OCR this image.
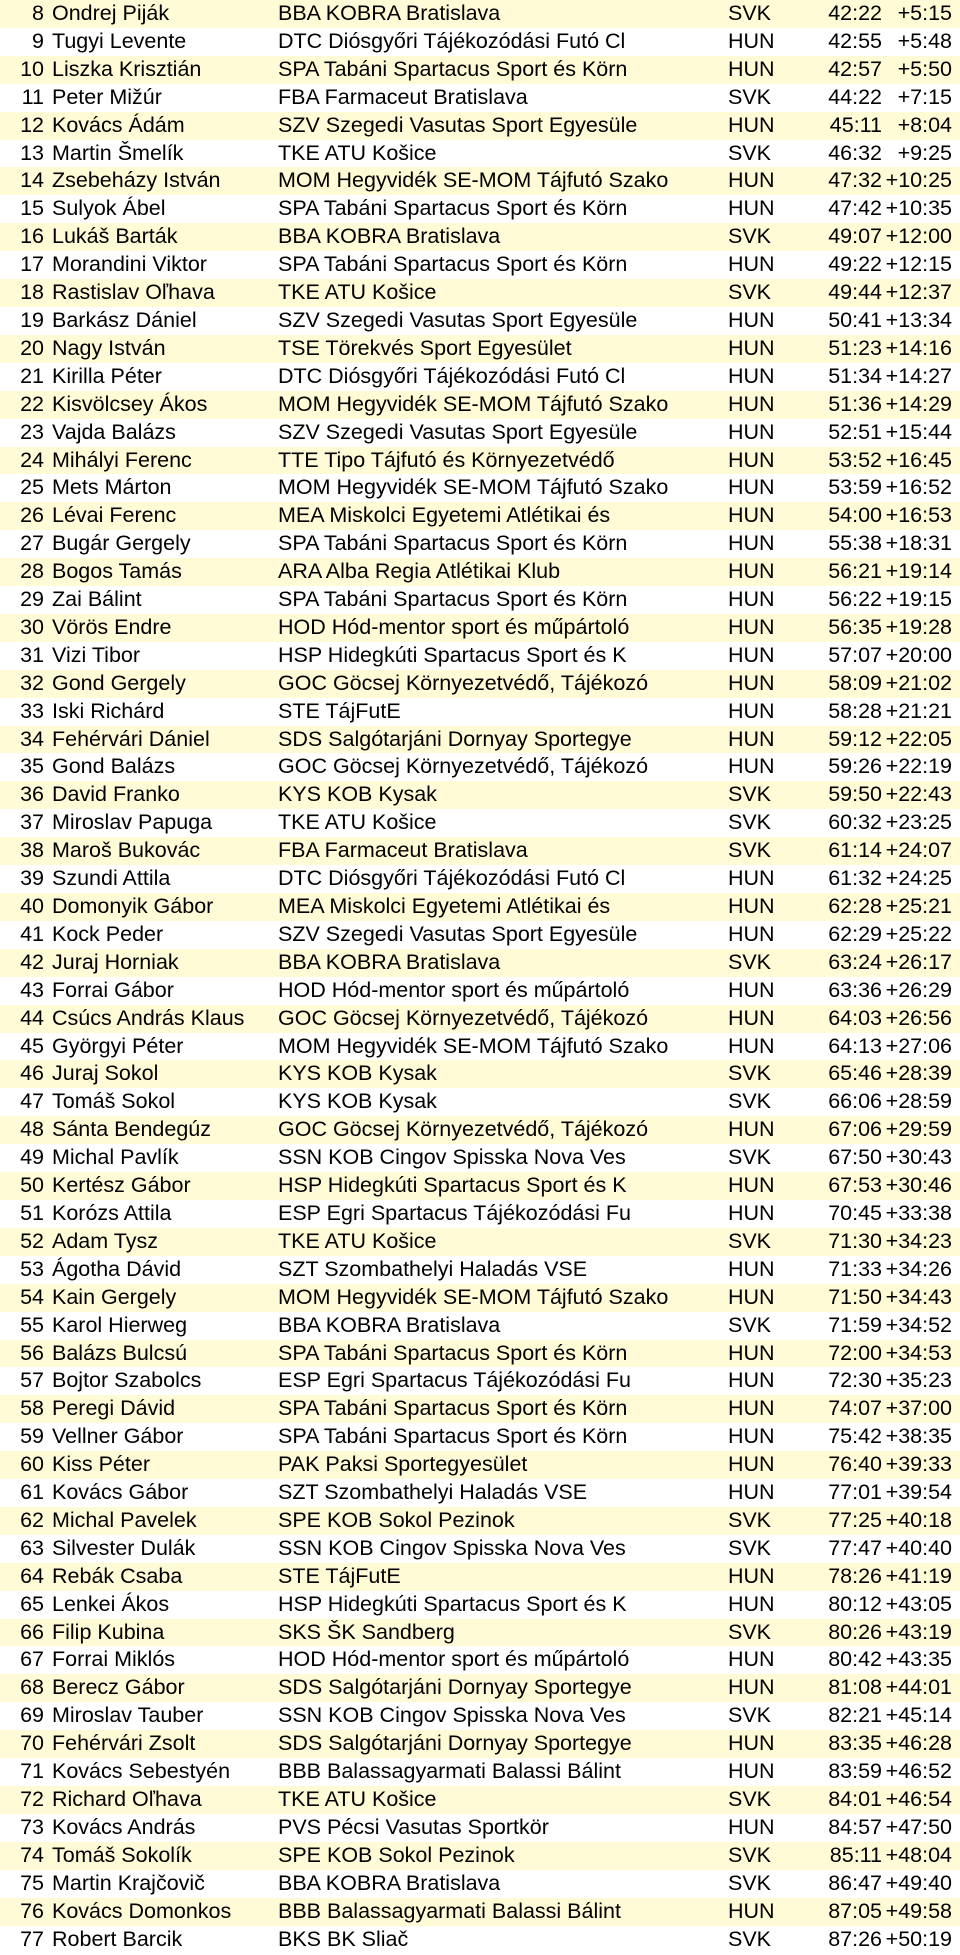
8	Ondrej Piják	BBA KOBRA Bratislava	SVK	42:22	+5:15
9	Tugyi Levente	DTC Diósgyőri Tájékozódási Futó Cl	HUN	42:55	+5:48
10	Liszka Krisztián	SPA Tabáni Spartacus Sport és Körn	HUN	42:57	+5:50
11	Peter Mižúr	FBA Farmaceut Bratislava	SVK	44:22	+7:15
12	Kovács Ádám	SZV Szegedi Vasutas Sport Egyesüle	HUN	45:11	+8:04
13	Martin Šmelík	TKE ATU Košice	SVK	46:32	+9:25
14	Zsebeházy István	MOM Hegyvidék SE-MOM Tájfutó Szako	HUN	47:32	+10:25
15	Sulyok Ábel	SPA Tabáni Spartacus Sport és Körn	HUN	47:42	+10:35
16	Lukáš Barták	BBA KOBRA Bratislava	SVK	49:07	+12:00
17	Morandini Viktor	SPA Tabáni Spartacus Sport és Körn	HUN	49:22	+12:15
18	Rastislav Oľhava	TKE ATU Košice	SVK	49:44	+12:37
19	Barkász Dániel	SZV Szegedi Vasutas Sport Egyesüle	HUN	50:41	+13:34
20	Nagy István	TSE Törekvés Sport Egyesület	HUN	51:23	+14:16
21	Kirilla Péter	DTC Diósgyőri Tájékozódási Futó Cl	HUN	51:34	+14:27
22	Kisvölcsey Ákos	MOM Hegyvidék SE-MOM Tájfutó Szako	HUN	51:36	+14:29
23	Vajda Balázs	SZV Szegedi Vasutas Sport Egyesüle	HUN	52:51	+15:44
24	Mihályi Ferenc	TTE Tipo Tájfutó és Környezetvédő	HUN	53:52	+16:45
25	Mets Márton	MOM Hegyvidék SE-MOM Tájfutó Szako	HUN	53:59	+16:52
26	Lévai Ferenc	MEA Miskolci Egyetemi Atlétikai és	HUN	54:00	+16:53
27	Bugár Gergely	SPA Tabáni Spartacus Sport és Körn	HUN	55:38	+18:31
28	Bogos Tamás	ARA Alba Regia Atlétikai Klub	HUN	56:21	+19:14
29	Zai Bálint	SPA Tabáni Spartacus Sport és Körn	HUN	56:22	+19:15
30	Vörös Endre	HOD Hód-mentor sport és műpártoló	HUN	56:35	+19:28
31	Vizi Tibor	HSP Hidegkúti Spartacus Sport és K	HUN	57:07	+20:00
32	Gond Gergely	GOC Göcsej Környezetvédő, Tájékozó	HUN	58:09	+21:02
33	Iski Richárd	STE TájFutE	HUN	58:28	+21:21
34	Fehérvári Dániel	SDS Salgótarjáni Dornyay Sportegye	HUN	59:12	+22:05
35	Gond Balázs	GOC Göcsej Környezetvédő, Tájékozó	HUN	59:26	+22:19
36	David Franko	KYS KOB Kysak	SVK	59:50	+22:43
37	Miroslav Papuga	TKE ATU Košice	SVK	60:32	+23:25
38	Maroš Bukovác	FBA Farmaceut Bratislava	SVK	61:14	+24:07
39	Szundi Attila	DTC Diósgyőri Tájékozódási Futó Cl	HUN	61:32	+24:25
40	Domonyik Gábor	MEA Miskolci Egyetemi Atlétikai és	HUN	62:28	+25:21
41	Kock Peder	SZV Szegedi Vasutas Sport Egyesüle	HUN	62:29	+25:22
42	Juraj Horniak	BBA KOBRA Bratislava	SVK	63:24	+26:17
43	Forrai Gábor	HOD Hód-mentor sport és műpártoló	HUN	63:36	+26:29
44	Csúcs András Klaus	GOC Göcsej Környezetvédő, Tájékozó	HUN	64:03	+26:56
45	Györgyi Péter	MOM Hegyvidék SE-MOM Tájfutó Szako	HUN	64:13	+27:06
46	Juraj Sokol	KYS KOB Kysak	SVK	65:46	+28:39
47	Tomáš Sokol	KYS KOB Kysak	SVK	66:06	+28:59
48	Sánta Bendegúz	GOC Göcsej Környezetvédő, Tájékozó	HUN	67:06	+29:59
49	Michal Pavlík	SSN KOB Cingov Spisska Nova Ves	SVK	67:50	+30:43
50	Kertész Gábor	HSP Hidegkúti Spartacus Sport és K	HUN	67:53	+30:46
51	Korózs Attila	ESP Egri Spartacus Tájékozódási Fu	HUN	70:45	+33:38
52	Adam Tysz	TKE ATU Košice	SVK	71:30	+34:23
53	Ágotha Dávid	SZT Szombathelyi Haladás VSE	HUN	71:33	+34:26
54	Kain Gergely	MOM Hegyvidék SE-MOM Tájfutó Szako	HUN	71:50	+34:43
55	Karol Hierweg	BBA KOBRA Bratislava	SVK	71:59	+34:52
56	Balázs Bulcsú	SPA Tabáni Spartacus Sport és Körn	HUN	72:00	+34:53
57	Bojtor Szabolcs	ESP Egri Spartacus Tájékozódási Fu	HUN	72:30	+35:23
58	Peregi Dávid	SPA Tabáni Spartacus Sport és Körn	HUN	74:07	+37:00
59	Vellner Gábor	SPA Tabáni Spartacus Sport és Körn	HUN	75:42	+38:35
60	Kiss Péter	PAK Paksi Sportegyesület	HUN	76:40	+39:33
61	Kovács Gábor	SZT Szombathelyi Haladás VSE	HUN	77:01	+39:54
62	Michal Pavelek	SPE KOB Sokol Pezinok	SVK	77:25	+40:18
63	Silvester Dulák	SSN KOB Cingov Spisska Nova Ves	SVK	77:47	+40:40
64	Rebák Csaba	STE TájFutE	HUN	78:26	+41:19
65	Lenkei Ákos	HSP Hidegkúti Spartacus Sport és K	HUN	80:12	+43:05
66	Filip Kubina	SKS ŠK Sandberg	SVK	80:26	+43:19
67	Forrai Miklós	HOD Hód-mentor sport és műpártoló	HUN	80:42	+43:35
68	Berecz Gábor	SDS Salgótarjáni Dornyay Sportegye	HUN	81:08	+44:01
69	Miroslav Tauber	SSN KOB Cingov Spisska Nova Ves	SVK	82:21	+45:14
70	Fehérvári Zsolt	SDS Salgótarjáni Dornyay Sportegye	HUN	83:35	+46:28
71	Kovács Sebestyén	BBB Balassagyarmati Balassi Bálint	HUN	83:59	+46:52
72	Richard Oľhava	TKE ATU Košice	SVK	84:01	+46:54
73	Kovács András	PVS Pécsi Vasutas Sportkör	HUN	84:57	+47:50
74	Tomáš Sokolík	SPE KOB Sokol Pezinok	SVK	85:11	+48:04
75	Martin Krajčovič	BBA KOBRA Bratislava	SVK	86:47	+49:40
76	Kovács Domonkos	BBB Balassagyarmati Balassi Bálint	HUN	87:05	+49:58
77	Robert Barcik	BKS BK Sliač	SVK	87:26	+50:19
